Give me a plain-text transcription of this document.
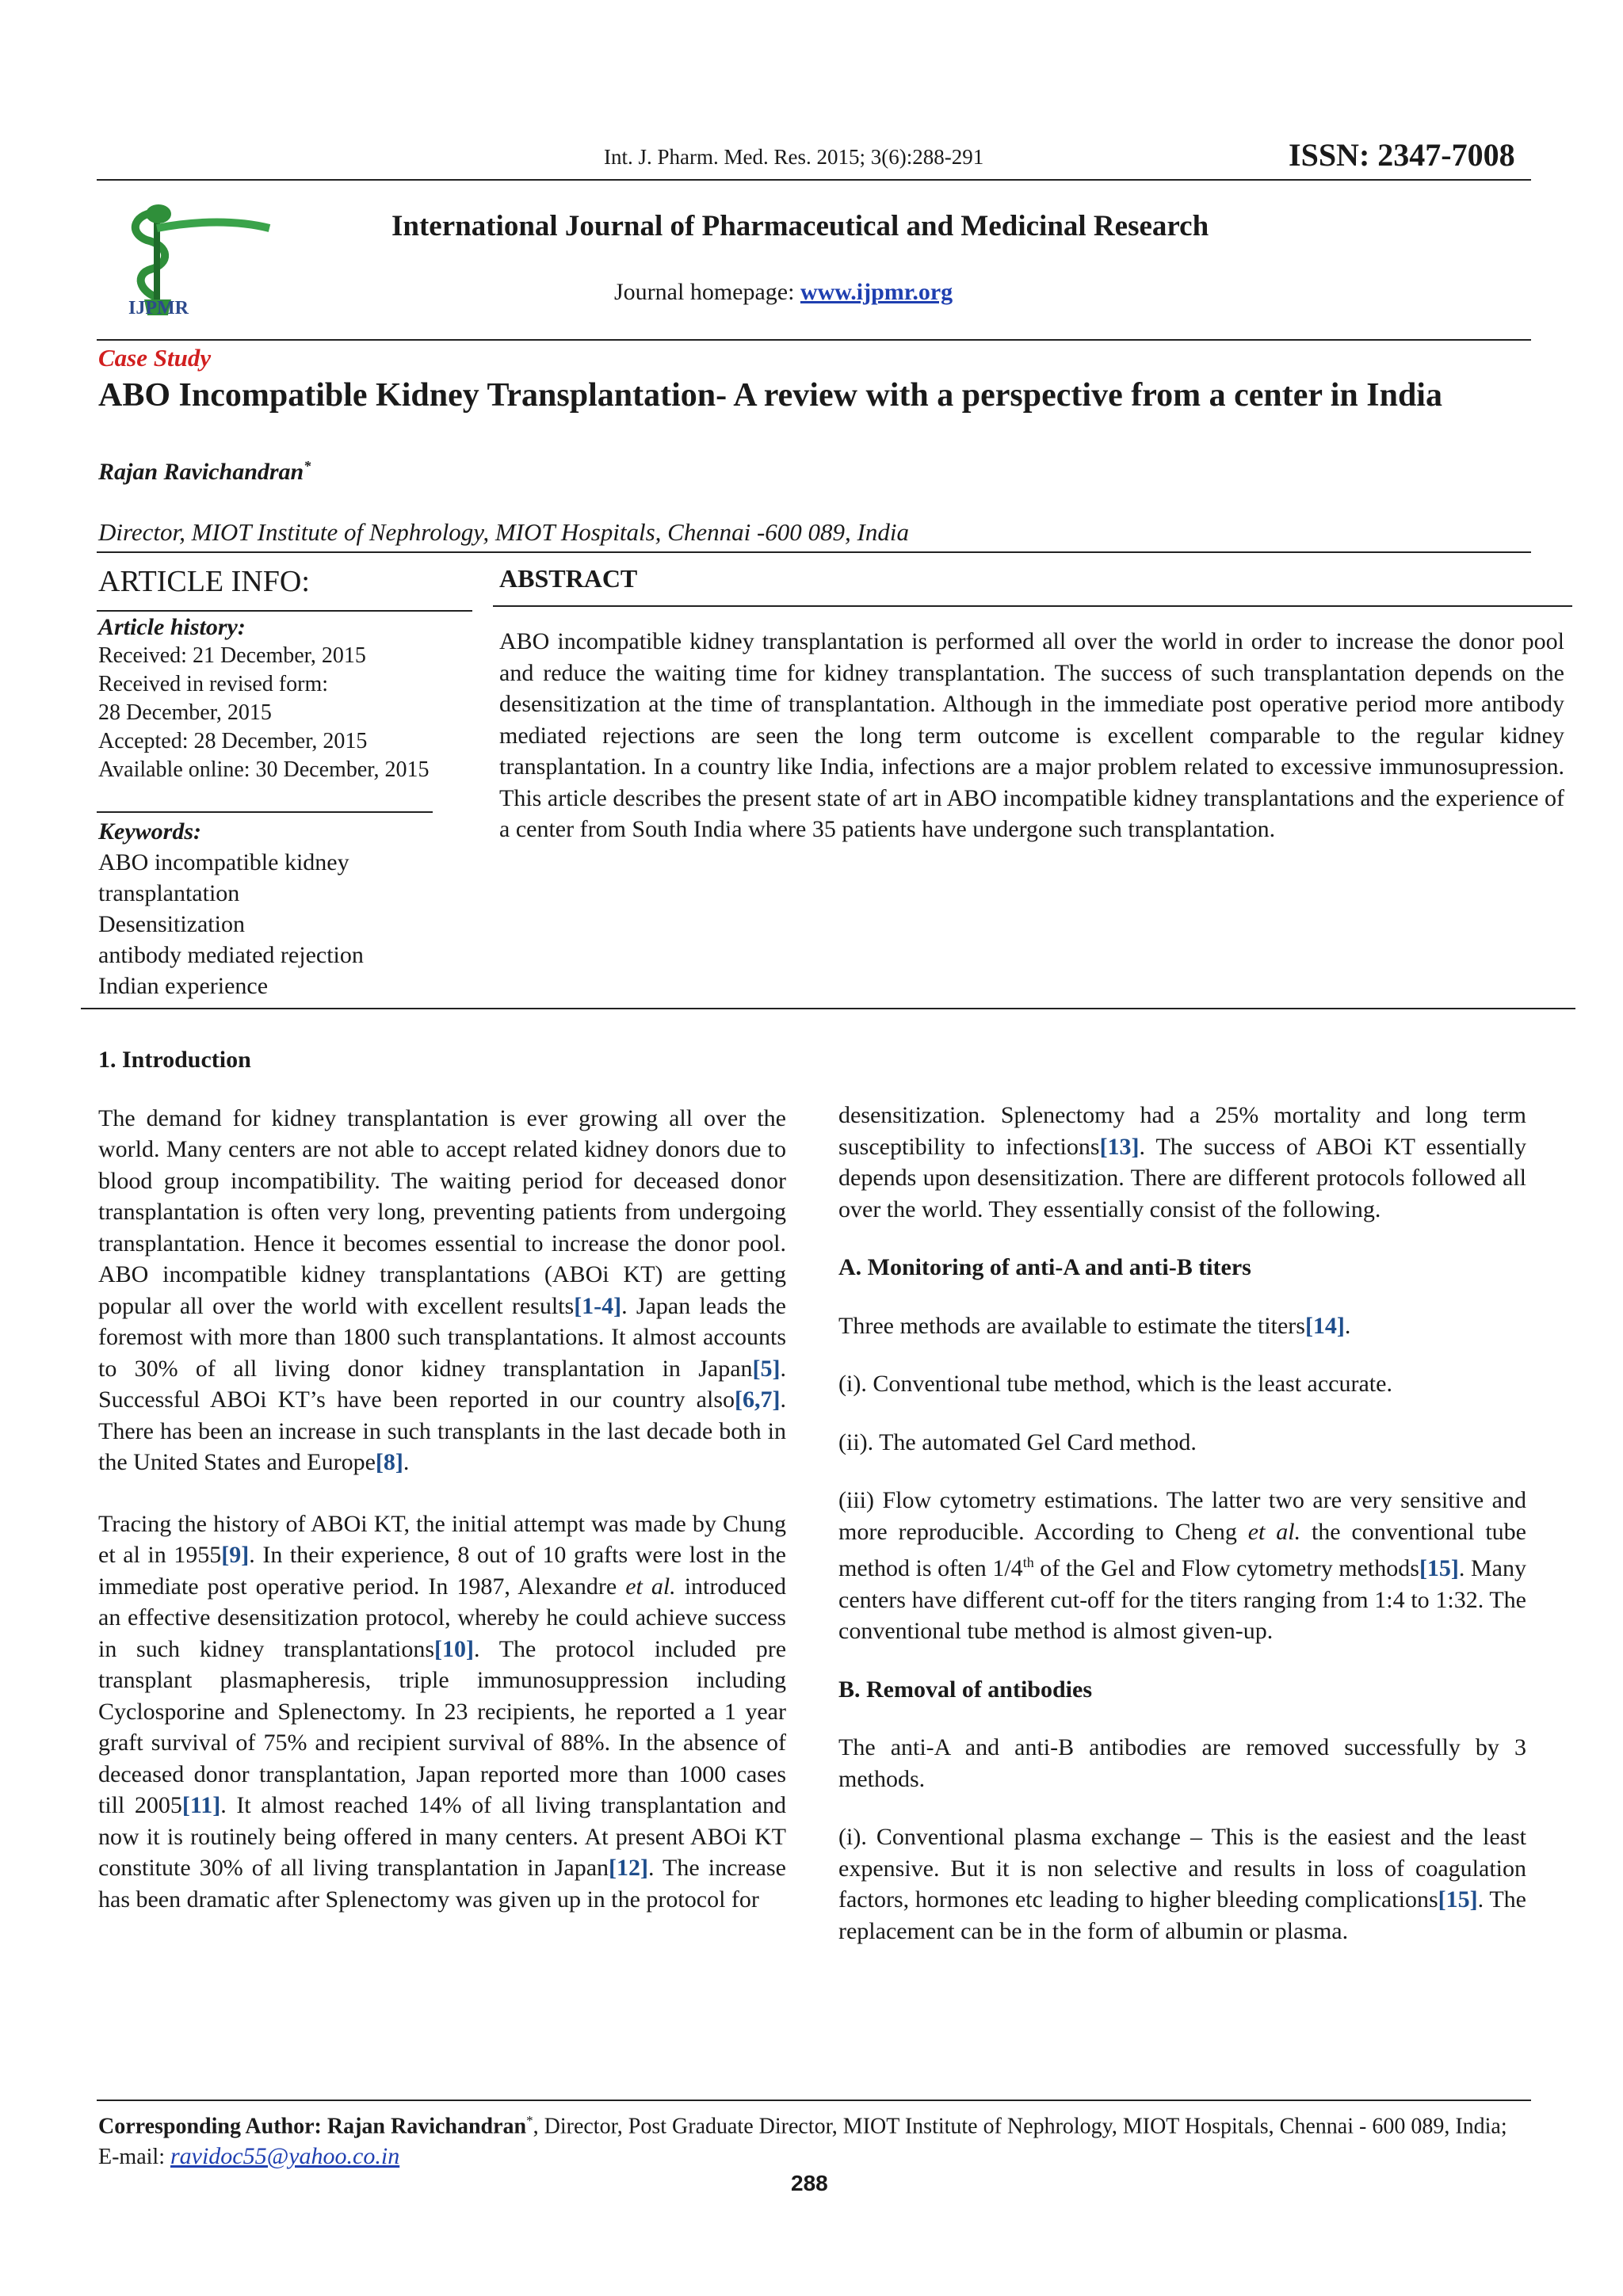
Int. J. Pharm. Med. Res. 2015; 3(6):288-291	ISSN: 2347-7008
IJPMR
International Journal of Pharmaceutical and Medicinal Research
Journal homepage: www.ijpmr.org
Case Study
ABO Incompatible Kidney Transplantation- A review with a perspective from a center in India
Rajan Ravichandran*
Director, MIOT Institute of Nephrology, MIOT Hospitals, Chennai -600 089, India
ARTICLE INFO:
Article history:
Received: 21 December, 2015
Received in revised form:
28 December, 2015
Accepted: 28 December, 2015
Available online: 30 December, 2015
Keywords:
ABO incompatible kidney transplantation
Desensitization
antibody mediated rejection
Indian experience
ABSTRACT
ABO incompatible kidney transplantation is performed all over the world in order to increase the donor pool and reduce the waiting time for kidney transplantation. The success of such transplantation depends on the desensitization at the time of transplantation. Although in the immediate post operative period more antibody mediated rejections are seen the long term outcome is excellent comparable to the regular kidney transplantation. In a country like India, infections are a major problem related to excessive immunosupression. This article describes the present state of art in ABO incompatible kidney transplantations and the experience of a center from South India where 35 patients have undergone such transplantation.
1. Introduction

The demand for kidney transplantation is ever growing all over the world. Many centers are not able to accept related kidney donors due to blood group incompatibility. The waiting period for deceased donor transplantation is often very long, preventing patients from undergoing transplantation. Hence it becomes essential to increase the donor pool. ABO incompatible kidney transplantations (ABOi KT) are getting popular all over the world with excellent results[1-4]. Japan leads the foremost with more than 1800 such transplantations. It almost accounts to 30% of all living donor kidney transplantation in Japan[5]. Successful ABOi KT’s have been reported in our country also[6,7]. There has been an increase in such transplants in the last decade both in the United States and Europe[8].

Tracing the history of ABOi KT, the initial attempt was made by Chung et al in 1955[9]. In their experience, 8 out of 10 grafts were lost in the immediate post operative period. In 1987, Alexandre et al. introduced an effective desensitization protocol, whereby he could achieve success in such kidney transplantations[10]. The protocol included pre transplant plasmapheresis, triple immunosuppression including Cyclosporine and Splenectomy. In 23 recipients, he reported a 1 year graft survival of 75% and recipient survival of 88%. In the absence of deceased donor transplantation, Japan reported more than 1000 cases till 2005[11]. It almost reached 14% of all living transplantation and now it is routinely being offered in many centers. At present ABOi KT constitute 30% of all living transplantation in Japan[12]. The increase has been dramatic after Splenectomy was given up in the protocol for

desensitization. Splenectomy had a 25% mortality and long term susceptibility to infections[13]. The success of ABOi KT essentially depends upon desensitization. There are different protocols followed all over the world. They essentially consist of the following.

A. Monitoring of anti-A and anti-B titers

Three methods are available to estimate the titers[14].

(i). Conventional tube method, which is the least accurate.

(ii). The automated Gel Card method.

(iii) Flow cytometry estimations. The latter two are very sensitive and more reproducible. According to Cheng et al. the conventional tube method is often 1/4th of the Gel and Flow cytometry methods[15]. Many centers have different cut-off for the titers ranging from 1:4 to 1:32. The conventional tube method is almost given-up.

B. Removal of antibodies

The anti-A and anti-B antibodies are removed successfully by 3 methods.

(i). Conventional plasma exchange – This is the easiest and the least expensive. But it is non selective and results in loss of coagulation factors, hormones etc leading to higher bleeding complications[15]. The replacement can be in the form of albumin or plasma.

Corresponding Author: Rajan Ravichandran*, Director, Post Graduate Director, MIOT Institute of Nephrology, MIOT Hospitals, Chennai - 600 089, India; E-mail: ravidoc55@yahoo.co.in
288
